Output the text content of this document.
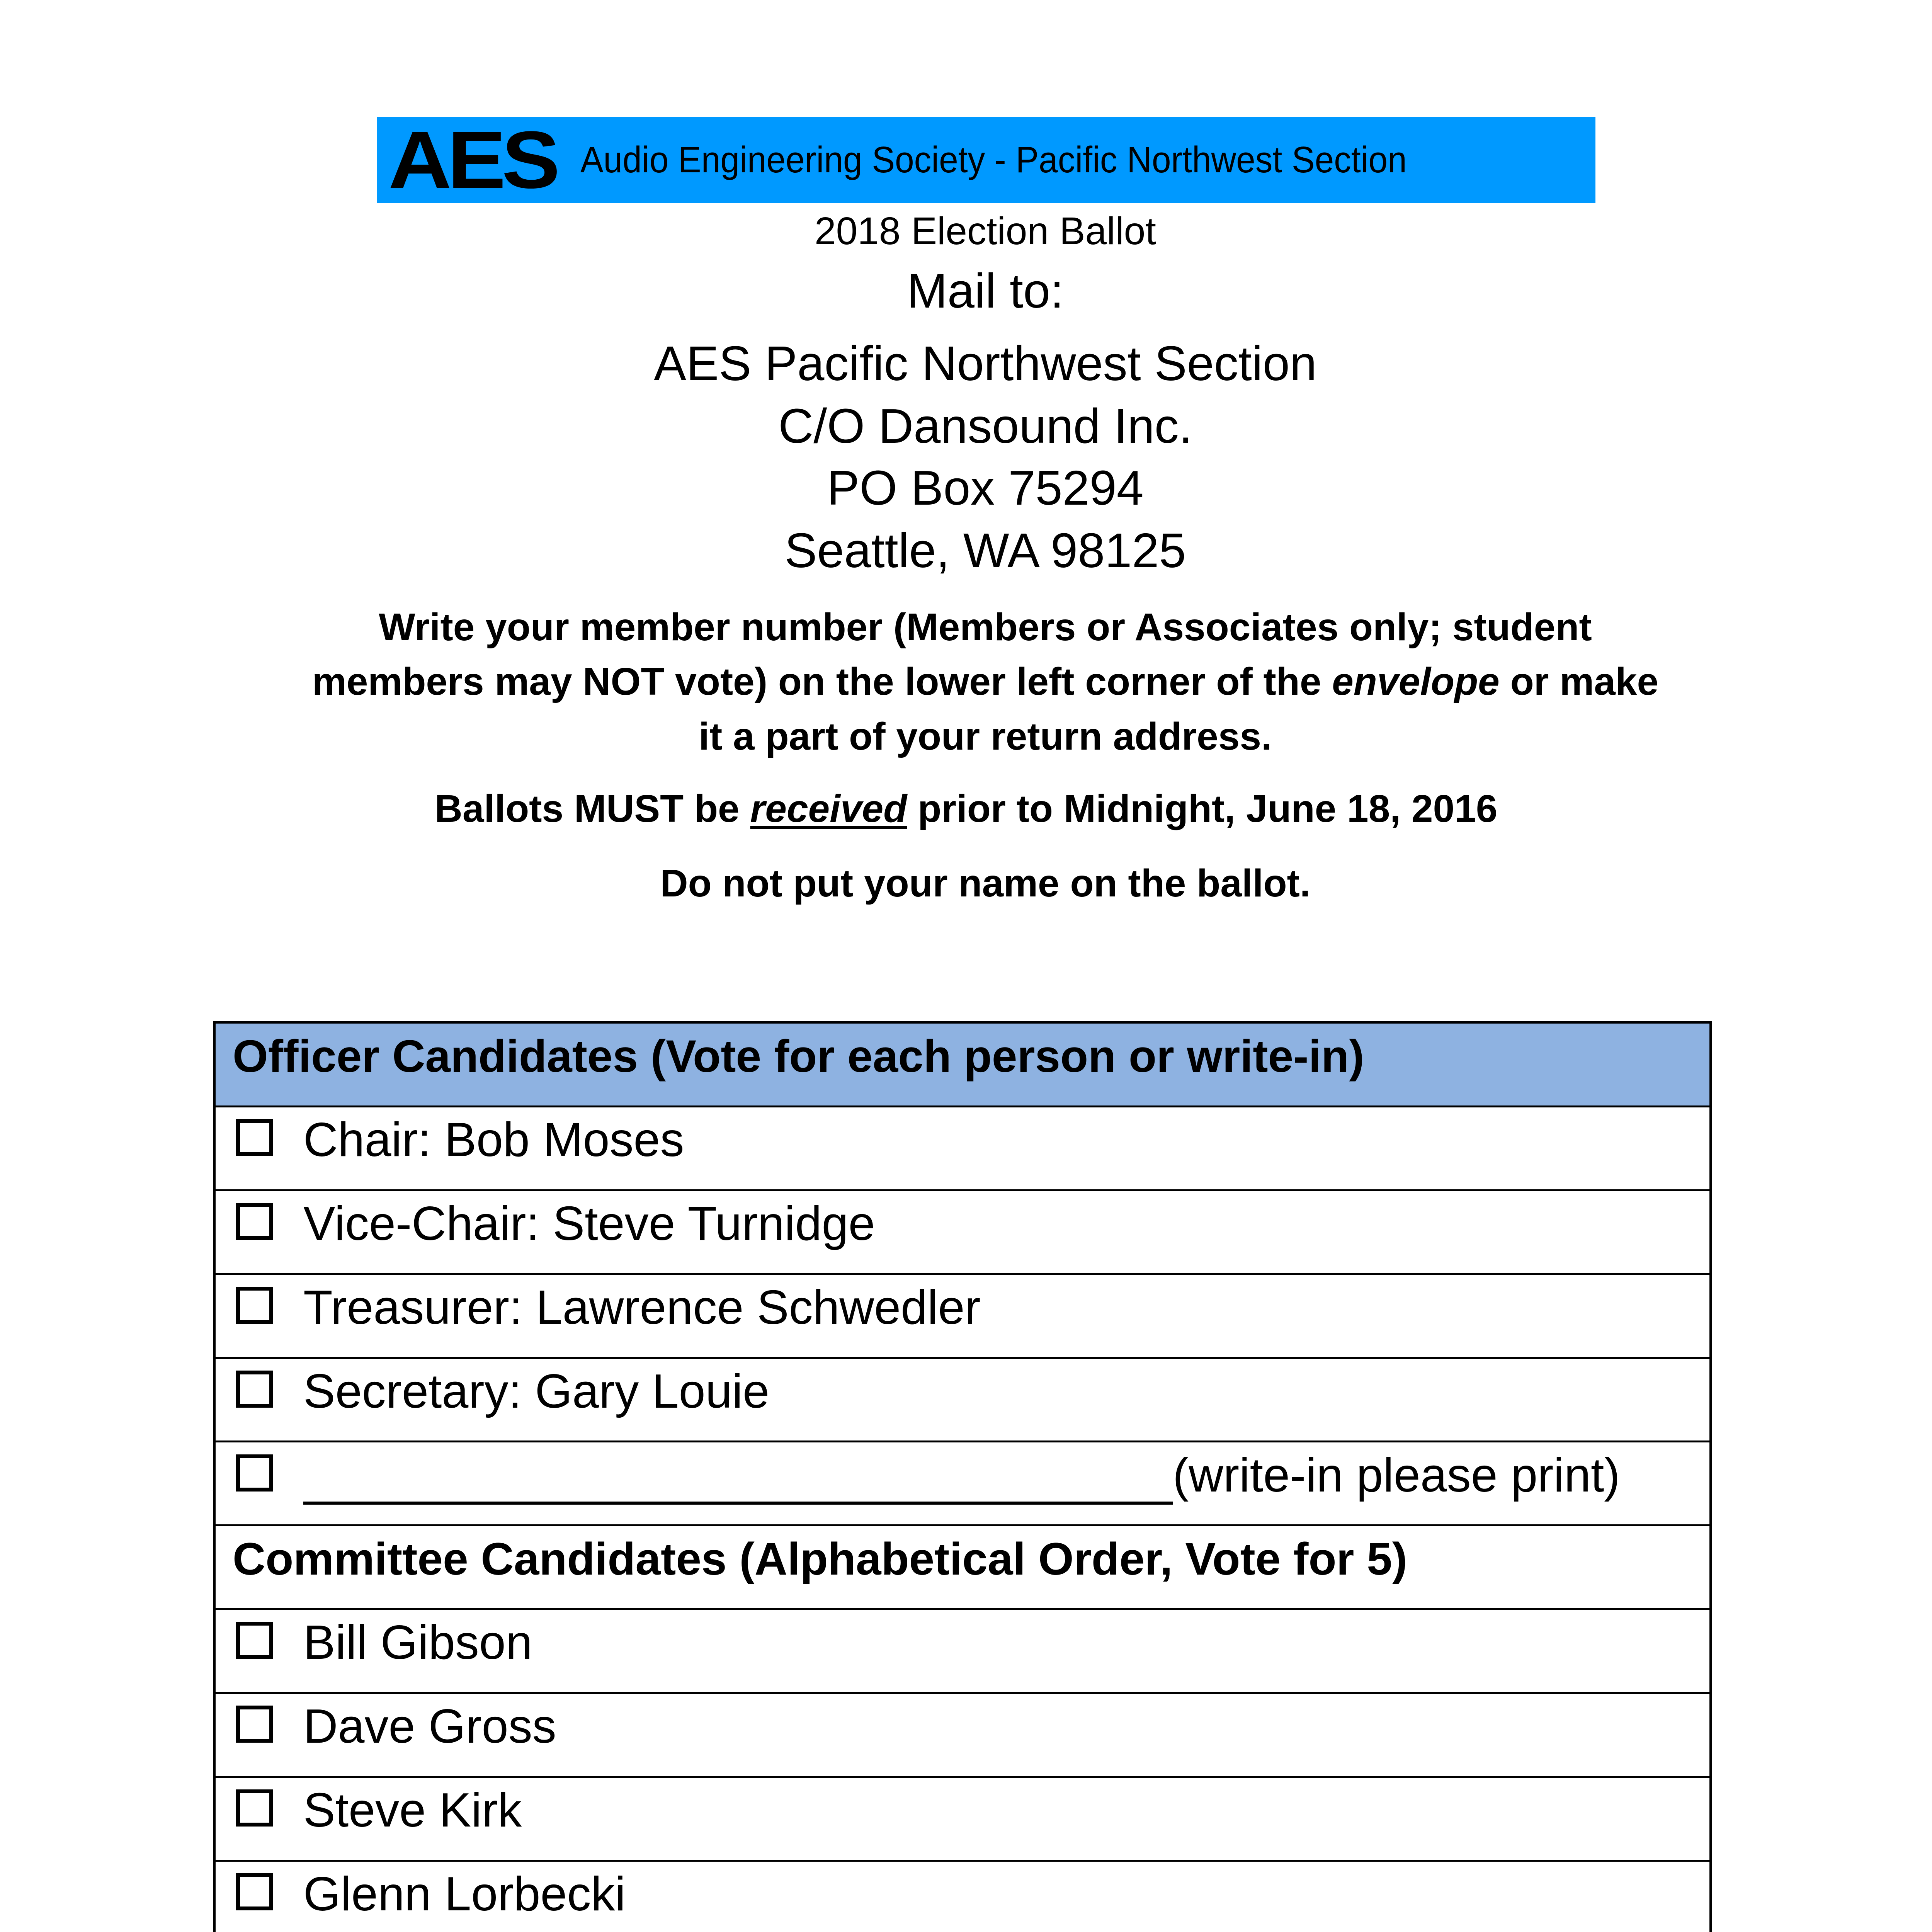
AES Audio Engineering Society - Pacific Northwest Section
2018 Election Ballot
Mail to:
AES Pacific Northwest Section
C/O Dansound Inc.
PO Box 75294
Seattle, WA 98125
Write your member number (Members or Associates only; student
members may NOT vote) on the lower left corner of the envelope or make
it a part of your return address.
Ballots MUST be received prior to Midnight, June 18, 2016
Do not put your name on the ballot.
Officer Candidates (Vote for each person or write-in)
Chair: Bob Moses
Vice-Chair: Steve Turnidge
Treasurer: Lawrence Schwedler
Secretary: Gary Louie
(write-in please print)
Committee Candidates (Alphabetical Order, Vote for 5)
Bill Gibson
Dave Gross
Steve Kirk
Glenn Lorbecki
